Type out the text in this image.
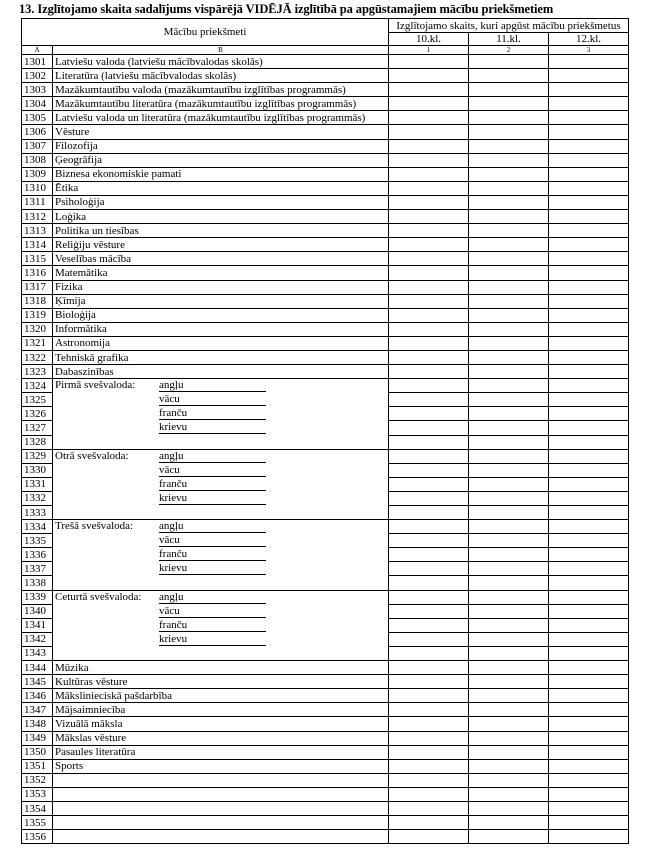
13. Izglītojamo skaita sadalījums vispārējā VIDĒJĀ izglītībā pa apgūstamajiem mācību priekšmetiem
Mācību priekšmeti		Izglītojamo skaits, kuri apgūst mācību priekšmetus		
		10.kl.	11.kl.	12.kl.
A	B	1	2	3
1301	Latviešu valoda (latviešu mācībvalodas skolās)			
1302	Literatūra (latviešu mācībvalodas skolās)			
1303	Mazākumtautību valoda (mazākumtautību izglītības programmās)			
1304	Mazākumtautību literatūra (mazākumtautību izglītības programmās)			
1305	Latviešu valoda un literatūra (mazākumtautību izglītības programmās)			
1306	Vēsture			
1307	Filozofija			
1308	Ģeogrāfija			
1309	Biznesa ekonomiskie pamati			
1310	Ētika			
1311	Psiholoģija			
1312	Loģika			
1313	Politika un tiesības			
1314	Reliģiju vēsture			
1315	Veselības mācība			
1316	Matemātika			
1317	Fizika			
1318	Ķīmija			
1319	Bioloģija			
1320	Informātika			
1321	Astronomija			
1322	Tehniskā grafika			
1323	Dabaszinības			
1324	Pirmā svešvaloda: angļu			

1325	vācu			

1326	franču			

1327	krievu			

1328	

1329	Otrā svešvaloda: angļu			

1330	vācu			

1331	franču			

1332	krievu			

1333	

1334	Trešā svešvaloda: angļu			

1335	vācu			

1336	franču			

1337	krievu			

1338	

1339	Ceturtā svešvaloda: angļu			

1340	vācu			

1341	franču			

1342	krievu			

1343	

1344	Mūzika			
1345	Kultūras vēsture			
1346	Mākslinieciskā pašdarbība			
1347	Mājsaimniecība			
1348	Vizuālā māksla			
1349	Mākslas vēsture			
1350	Pasaules literatūra			
1351	Sports			
1352				
1353				
1354				
1355				
1356				
